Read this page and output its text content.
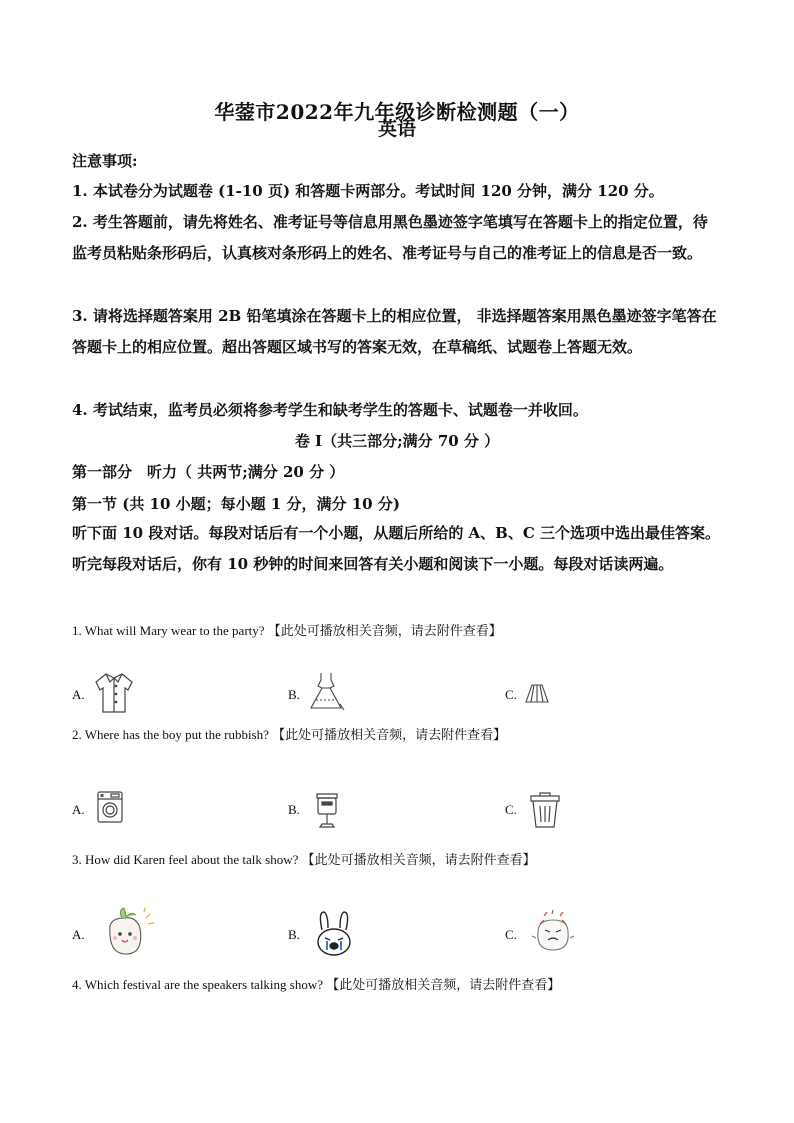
华蓥市2022年九年级诊断检测题（一）
英语
注意事项:
1. 本试卷分为试题卷 (1-10 页) 和答题卡两部分。考试时间 120 分钟，满分 120 分。
2. 考生答题前，请先将姓名、准考证号等信息用黑色墨迹签字笔填写在答题卡上的指定位置，待监考员粘贴条形码后，认真核对条形码上的姓名、准考证号与自己的准考证上的信息是否一致。
3. 请将选择题答案用 2B 铅笔填涂在答题卡上的相应位置， 非选择题答案用黑色墨迹签字笔答在答题卡上的相应位置。超出答题区域书写的答案无效，在草稿纸、试题卷上答题无效。
4. 考试结束，监考员必须将参考学生和缺考学生的答题卡、试题卷一并收回。
卷 I（共三部分;满分 70 分 ）
第一部分　听力（ 共两节;满分 20 分 ）
第一节 (共 10 小题；每小题 1 分，满分 10 分)
听下面 10 段对话。每段对话后有一个小题，从题后所给的 A、B、C 三个选项中选出最佳答案。听完每段对话后，你有 10 秒钟的时间来回答有关小题和阅读下一小题。每段对话读两遍。
1. What will Mary wear to the party? 【此处可播放相关音频，请去附件查看】
A.	B.	C.
2. Where has the boy put the rubbish? 【此处可播放相关音频，请去附件查看】
A.	B.	C.
3. How did Karen feel about the talk show? 【此处可播放相关音频，请去附件查看】
A.	B.	C.
4. Which festival are the speakers talking show? 【此处可播放相关音频，请去附件查看】
